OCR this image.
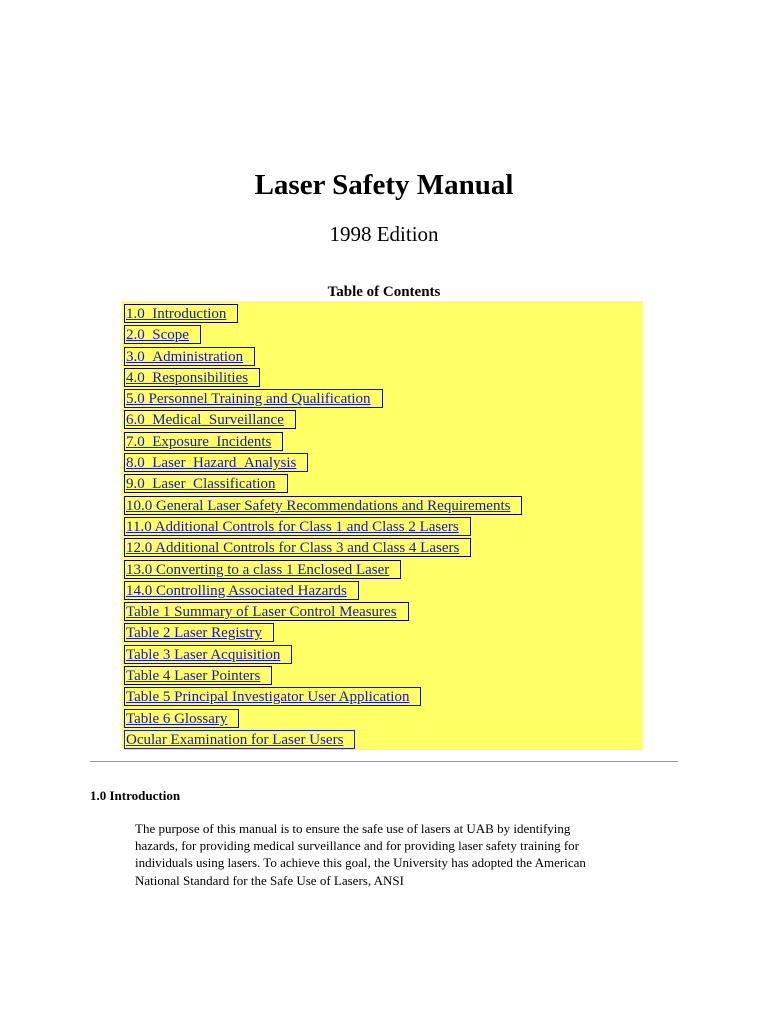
Laser Safety Manual
1998 Edition
Table of Contents
1.0_Introduction
2.0_Scope
3.0_Administration
4.0_Responsibilities
5.0 Personnel Training and Qualification
6.0_Medical_Surveillance
7.0_Exposure_Incidents
8.0_Laser_Hazard_Analysis
9.0_Laser_Classification
10.0 General Laser Safety Recommendations and Requirements
11.0 Additional Controls for Class 1 and Class 2 Lasers
12.0 Additional Controls for Class 3 and Class 4 Lasers
13.0 Converting to a class 1 Enclosed Laser
14.0 Controlling Associated Hazards
Table 1 Summary of Laser Control Measures
Table 2 Laser Registry
Table 3 Laser Acquisition
Table 4 Laser Pointers
Table 5 Principal Investigator User Application
Table 6 Glossary
Ocular Examination for Laser Users
1.0 Introduction

The purpose of this manual is to ensure the safe use of lasers at UAB by identifying hazards, for providing medical surveillance and for providing laser safety training for individuals using lasers. To achieve this goal, the University has adopted the American National Standard for the Safe Use of Lasers, ANSI
